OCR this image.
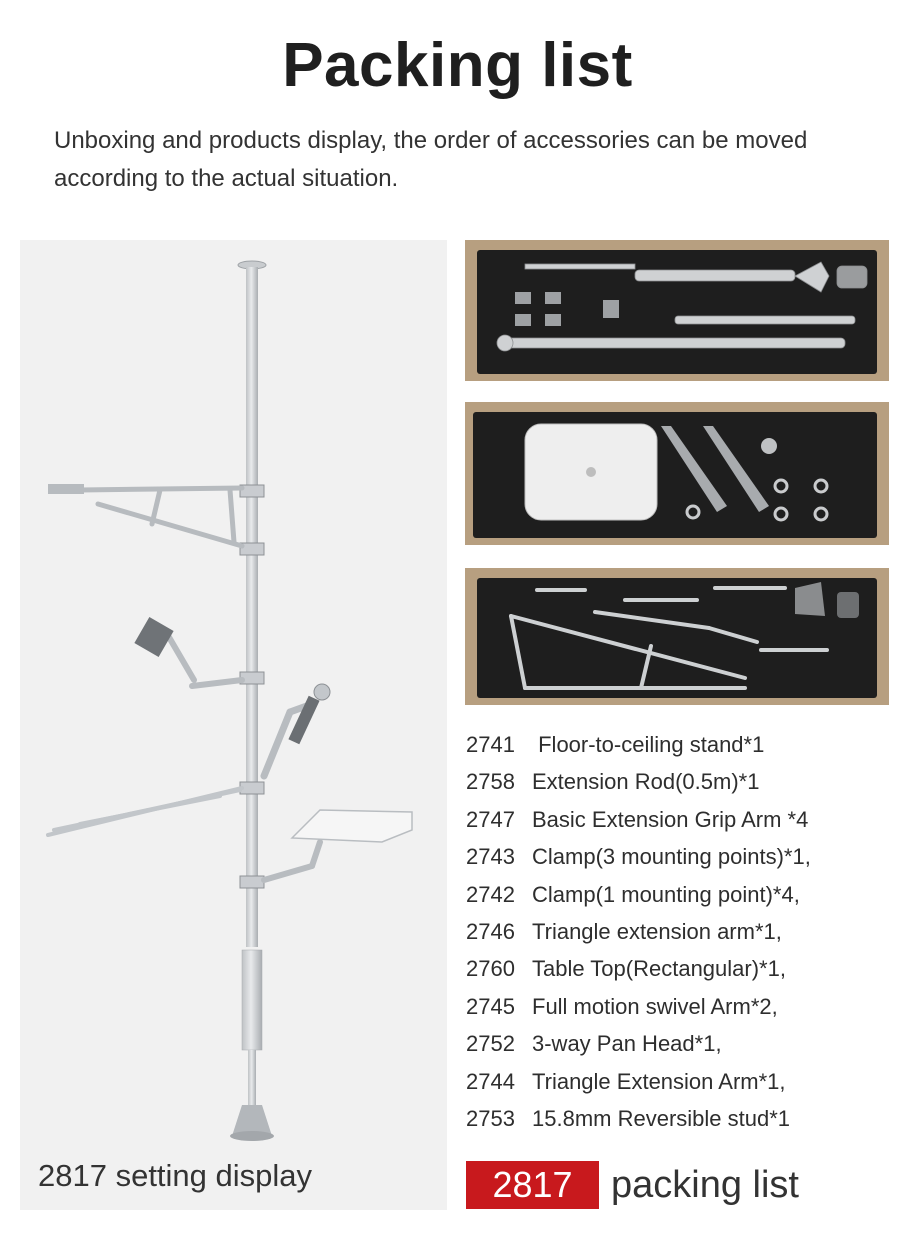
Packing list

Unboxing and products display, the order of accessories can be moved according to the actual situation.

2817 setting display
2741 Floor-to-ceiling stand*1
2758 Extension Rod(0.5m)*1
2747 Basic Extension Grip Arm *4
2743 Clamp(3 mounting points)*1,
2742 Clamp(1 mounting point)*4,
2746 Triangle extension arm*1,
2760 Table Top(Rectangular)*1,
2745 Full motion swivel Arm*2,
2752 3-way Pan Head*1,
2744 Triangle Extension Arm*1,
2753 15.8mm Reversible stud*1
2817	packing list
